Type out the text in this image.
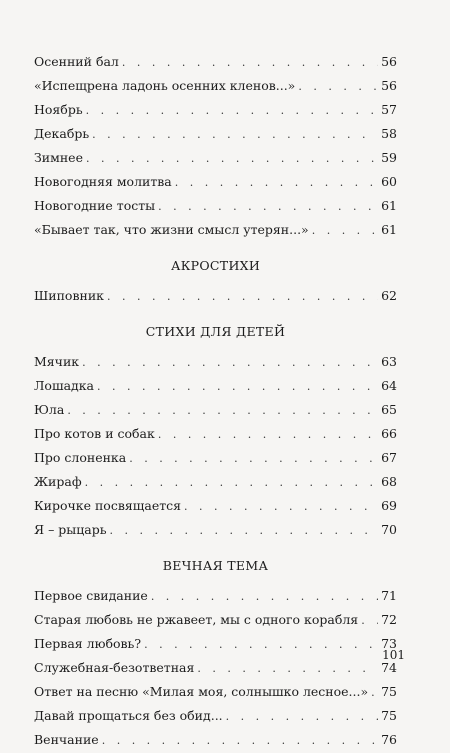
Осенний бал . . .	56
«Испещрена ладонь осенних кленов...» . . .	56
Ноябрь . . .	57
Декабрь . . .	58
Зимнее . . .	59
Новогодняя молитва . . .	60
Новогодние тосты . . .	61
«Бывает так, что жизни смысл утерян...» . . .	61
АКРОСТИХИ
Шиповник . . .	62
СТИХИ ДЛЯ ДЕТЕЙ
Мячик . . .	63
Лошадка . . .	64
Юла . . .	65
Про котов и собак . . .	66
Про слоненка . . .	67
Жираф . . .	68
Кирочке посвящается . . .	69
Я – рыцарь . . .	70
ВЕЧНАЯ ТЕМА
Первое свидание . . .	71
Старая любовь не ржавеет, мы с одного корабля . . . 72
Первая любовь? . . .	73
Служебная-безответная . . .	74
Ответ на песню «Милая моя, солнышко лесное...» . . . 75
Давай прощаться без обид... . . .	75
Венчание . . .	76
101
